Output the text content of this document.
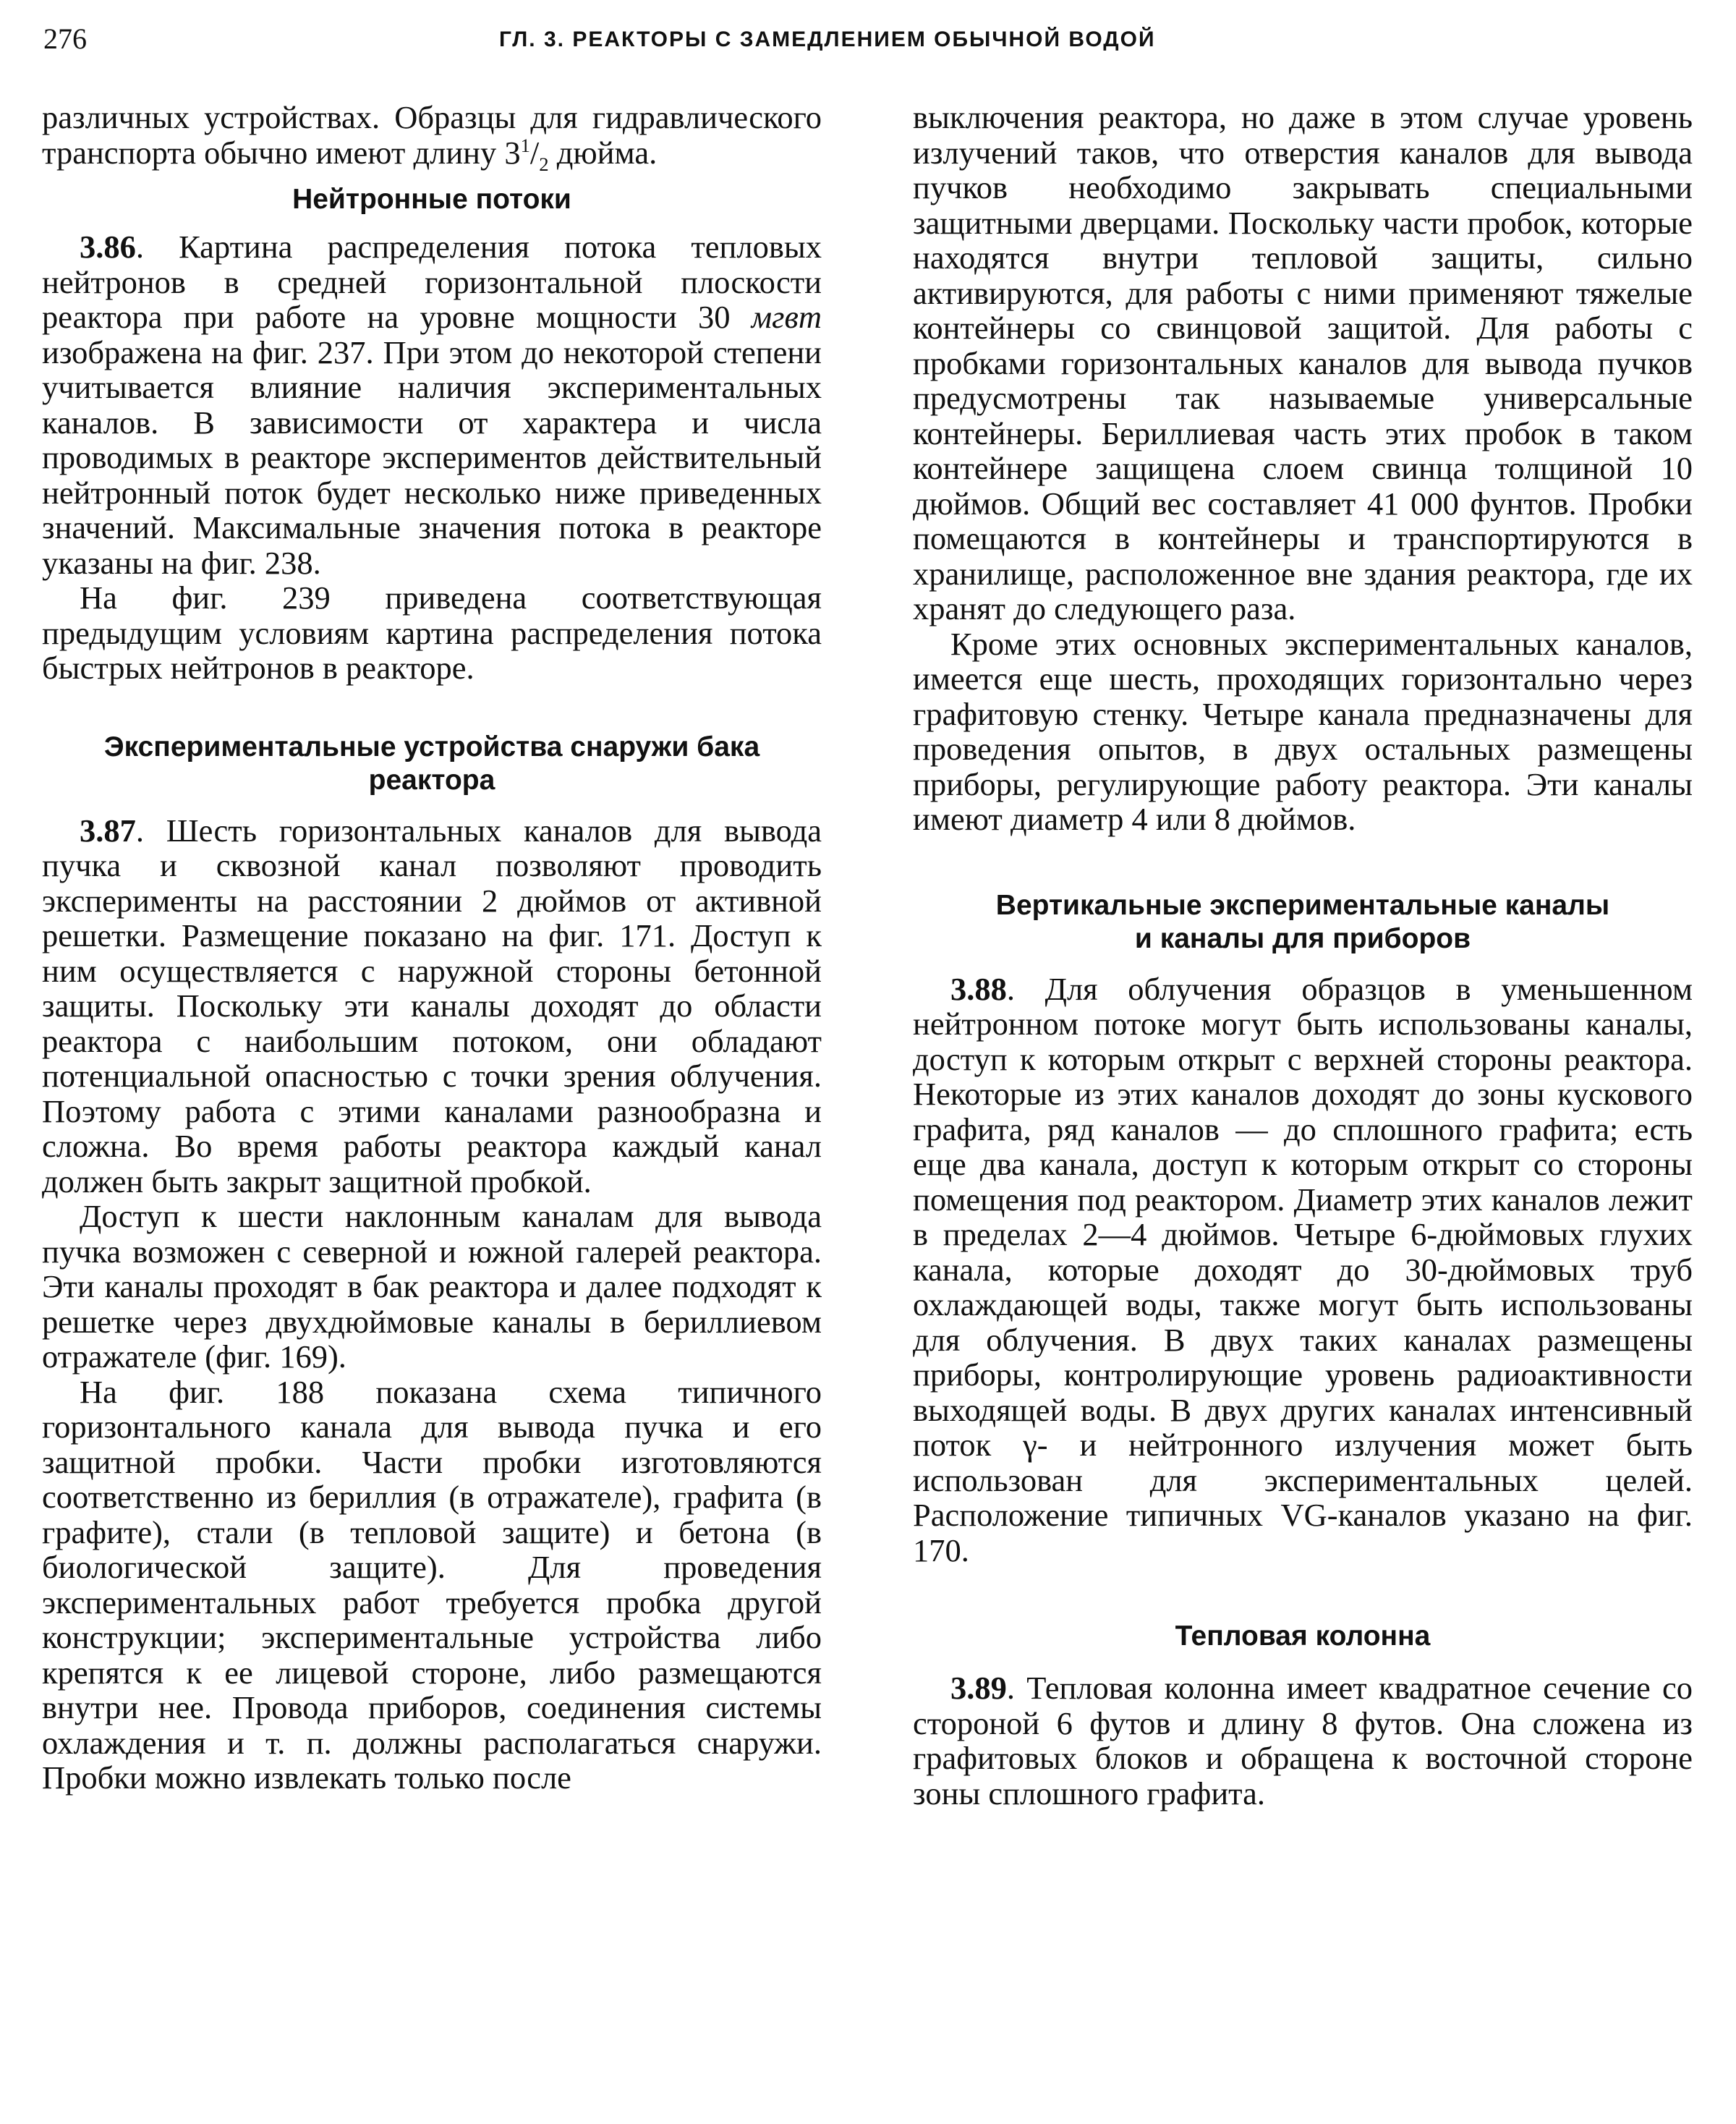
276	ГЛ. 3. РЕАКТОРЫ С ЗАМЕДЛЕНИЕМ ОБЫЧНОЙ ВОДОЙ

различных устройствах. Образцы для гидравлического транспорта обычно имеют длину $3^1/_2$ дюйма.

Нейтронные потоки

3.86. Картина распределения потока тепловых нейтронов в средней горизонтальной плоскости реактора при работе на уровне мощности 30 мгвт изображена на фиг. 237. При этом до некоторой степени учитывается влияние наличия экспериментальных каналов. В зависимости от характера и числа проводимых в реакторе экспериментов действительный нейтронный поток будет несколько ниже приведенных значений. Максимальные значения потока в реакторе указаны на фиг. 238.

На фиг. 239 приведена соответствующая предыдущим условиям картина распределения потока быстрых нейтронов в реакторе.

Экспериментальные устройства снаружи бака
реактора

3.87. Шесть горизонтальных каналов для вывода пучка и сквозной канал позволяют проводить эксперименты на расстоянии 2 дюймов от активной решетки. Размещение показано на фиг. 171. Доступ к ним осуществляется с наружной стороны бетонной защиты. Поскольку эти каналы доходят до области реактора с наибольшим потоком, они обладают потенциальной опасностью с точки зрения облучения. Поэтому работа с этими каналами разнообразна и сложна. Во время работы реактора каждый канал должен быть закрыт защитной пробкой.

Доступ к шести наклонным каналам для вывода пучка возможен с северной и южной галерей реактора. Эти каналы проходят в бак реактора и далее подходят к решетке через двухдюймовые каналы в бериллиевом отражателе (фиг. 169).

На фиг. 188 показана схема типичного горизонтального канала для вывода пучка и его защитной пробки. Части пробки изготовляются соответственно из бериллия (в отражателе), графита (в графите), стали (в тепловой защите) и бетона (в биологической защите). Для проведения экспериментальных работ требуется пробка другой конструкции; экспериментальные устройства либо крепятся к ее лицевой стороне, либо размещаются внутри нее. Провода приборов, соединения системы охлаждения и т. п. должны располагаться снаружи. Пробки можно извлекать только после

выключения реактора, но даже в этом случае уровень излучений таков, что отверстия каналов для вывода пучков необходимо закрывать специальными защитными дверцами. Поскольку части пробок, которые находятся внутри тепловой защиты, сильно активируются, для работы с ними применяют тяжелые контейнеры со свинцовой защитой. Для работы с пробками горизонтальных каналов для вывода пучков предусмотрены так называемые универсальные контейнеры. Бериллиевая часть этих пробок в таком контейнере защищена слоем свинца толщиной 10 дюймов. Общий вес составляет 41 000 фунтов. Пробки помещаются в контейнеры и транспортируются в хранилище, расположенное вне здания реактора, где их хранят до следующего раза.

Кроме этих основных экспериментальных каналов, имеется еще шесть, проходящих горизонтально через графитовую стенку. Четыре канала предназначены для проведения опытов, в двух остальных размещены приборы, регулирующие работу реактора. Эти каналы имеют диаметр 4 или 8 дюймов.

Вертикальные экспериментальные каналы
и каналы для приборов

3.88. Для облучения образцов в уменьшенном нейтронном потоке могут быть использованы каналы, доступ к которым открыт с верхней стороны реактора. Некоторые из этих каналов доходят до зоны кускового графита, ряд каналов — до сплошного графита; есть еще два канала, доступ к которым открыт со стороны помещения под реактором. Диаметр этих каналов лежит в пределах 2—4 дюймов. Четыре 6-дюймовых глухих канала, которые доходят до 30-дюймовых труб охлаждающей воды, также могут быть использованы для облучения. В двух таких каналах размещены приборы, контролирующие уровень радиоактивности выходящей воды. В двух других каналах интенсивный поток γ- и нейтронного излучения может быть использован для экспериментальных целей. Расположение типичных VG-каналов указано на фиг. 170.

Тепловая колонна

3.89. Тепловая колонна имеет квадратное сечение со стороной 6 футов и длину 8 футов. Она сложена из графитовых блоков и обращена к восточной стороне зоны сплошного графита.
